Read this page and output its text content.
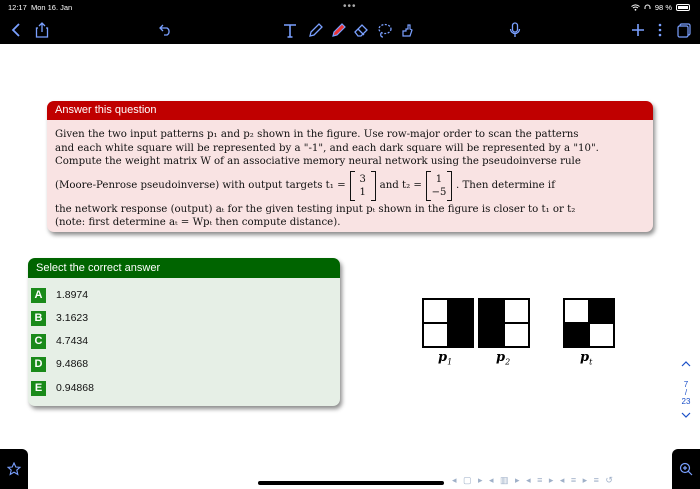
12:17 Mon 16. Jan	•••	98 %
Answer this question
Given the two input patterns p₁ and p₂ shown in the figure. Use row-major order to scan the patterns
and each white square will be represented by a "-1", and each dark square will be represented by a "10".
Compute the weight matrix W of an associative memory neural network using the pseudoinverse rule
(Moore-Penrose pseudoinverse) with output targets t₁ =
3
1
and t₂ =
1
−5
. Then determine if
the network response (output) aₜ for the given testing input pₜ shown in the figure is closer to t₁ or t₂
(note: first determine aₜ = Wpₜ then compute distance).
Select the correct answer
A	1.8974
B	3.1623
C	4.7434
D	9.4868
E	0.94868
$p_1$	$p_2$	$p_t$
7
/
23
◂ ▢ ▸ ◂ ▥ ▸ ◂ ≡ ▸ ◂ ≡ ▸ ≡ ↺
